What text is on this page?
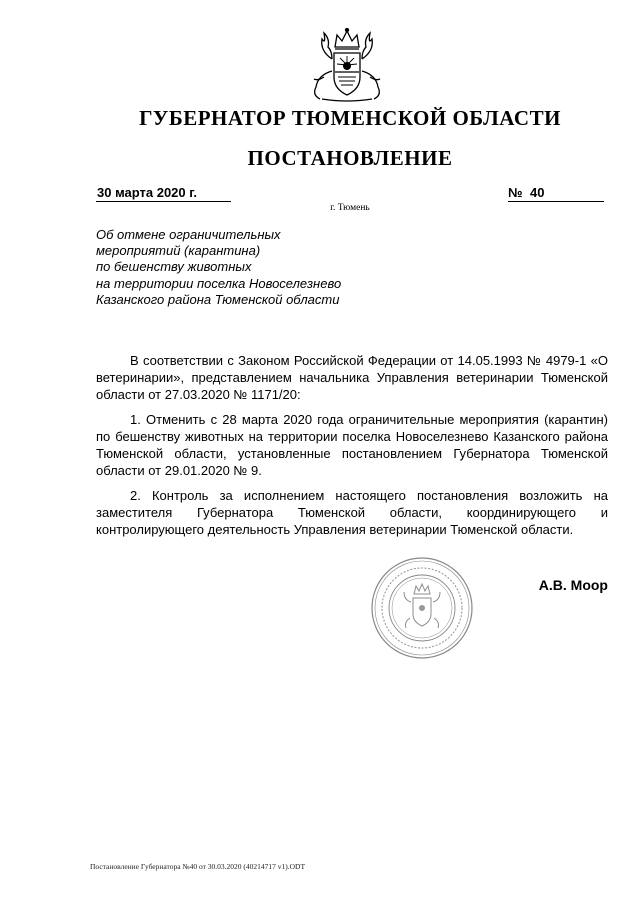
ГУБЕРНАТОР ТЮМЕНСКОЙ ОБЛАСТИ
ПОСТАНОВЛЕНИЕ
30 марта 2020 г.	№ 40
г. Тюмень
Об отмене ограничительных
мероприятий (карантина)
по бешенству животных
на территории поселка Новоселезнево
Казанского района Тюменской области

В соответствии с Законом Российской Федерации от 14.05.1993 № 4979-1 «О ветеринарии», представлением начальника Управления ветеринарии Тюменской области от 27.03.2020 № 1171/20:

1. Отменить с 28 марта 2020 года ограничительные мероприятия (карантин) по бешенству животных на территории поселка Новоселезнево Казанского района Тюменской области, установленные постановлением Губернатора Тюменской области от 29.01.2020 № 9.

2. Контроль за исполнением настоящего постановления возложить на заместителя Губернатора Тюменской области, координирующего и контролирующего деятельность Управления ветеринарии Тюменской области.

А.В. Моор
Постановление Губернатора №40 от 30.03.2020 (40214717 v1).ODT
